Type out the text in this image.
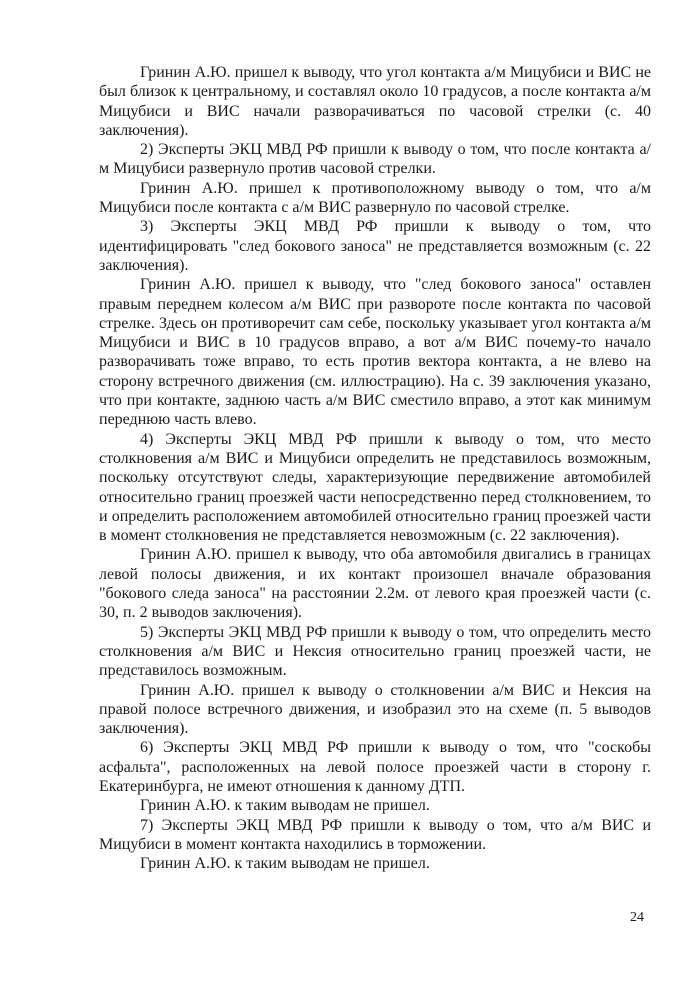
Гринин А.Ю. пришел к выводу, что угол контакта а/м Мицубиси и ВИС не был близок к центральному, и составлял около 10 градусов, а после контакта а/м Мицубиси и ВИС начали разворачиваться по часовой стрелки (с. 40 заключения).

2) Эксперты ЭКЦ МВД РФ пришли к выводу о том, что после контакта а/м Мицубиси развернуло против часовой стрелки.

Гринин А.Ю. пришел к противоположному выводу о том, что а/м Мицубиси после контакта с а/м ВИС развернуло по часовой стрелке.

3) Эксперты ЭКЦ МВД РФ пришли к выводу о том, что идентифицировать "след бокового заноса" не представляется возможным (с. 22 заключения).

Гринин А.Ю. пришел к выводу, что "след бокового заноса" оставлен правым переднем колесом а/м ВИС при развороте после контакта по часовой стрелке. Здесь он противоречит сам себе, поскольку указывает угол контакта а/м Мицубиси и ВИС в 10 градусов вправо, а вот а/м ВИС почему-то начало разворачивать тоже вправо, то есть против вектора контакта, а не влево на сторону встречного движения (см. иллюстрацию). На с. 39 заключения указано, что при контакте, заднюю часть а/м ВИС сместило вправо, а этот как минимум переднюю часть влево.

4) Эксперты ЭКЦ МВД РФ пришли к выводу о том, что место столкновения а/м ВИС и Мицубиси определить не представилось возможным, поскольку отсутствуют следы, характеризующие передвижение автомобилей относительно границ проезжей части непосредственно перед столкновением, то и определить расположением автомобилей относительно границ проезжей части в момент столкновения не представляется невозможным (с. 22 заключения).

Гринин А.Ю. пришел к выводу, что оба автомобиля двигались в границах левой полосы движения, и их контакт произошел вначале образования "бокового следа заноса" на расстоянии 2.2м. от левого края проезжей части (с. 30, п. 2 выводов заключения).

5) Эксперты ЭКЦ МВД РФ пришли к выводу о том, что определить место столкновения а/м ВИС и Нексия относительно границ проезжей части, не представилось возможным.

Гринин А.Ю. пришел к выводу о столкновении а/м ВИС и Нексия на правой полосе встречного движения, и изобразил это на схеме (п. 5 выводов заключения).

6) Эксперты ЭКЦ МВД РФ пришли к выводу о том, что "соскобы асфальта", расположенных на левой полосе проезжей части в сторону г. Екатеринбурга, не имеют отношения к данному ДТП.

Гринин А.Ю. к таким выводам не пришел.

7) Эксперты ЭКЦ МВД РФ пришли к выводу о том, что а/м ВИС и Мицубиси в момент контакта находились в торможении.

Гринин А.Ю. к таким выводам не пришел.

24
